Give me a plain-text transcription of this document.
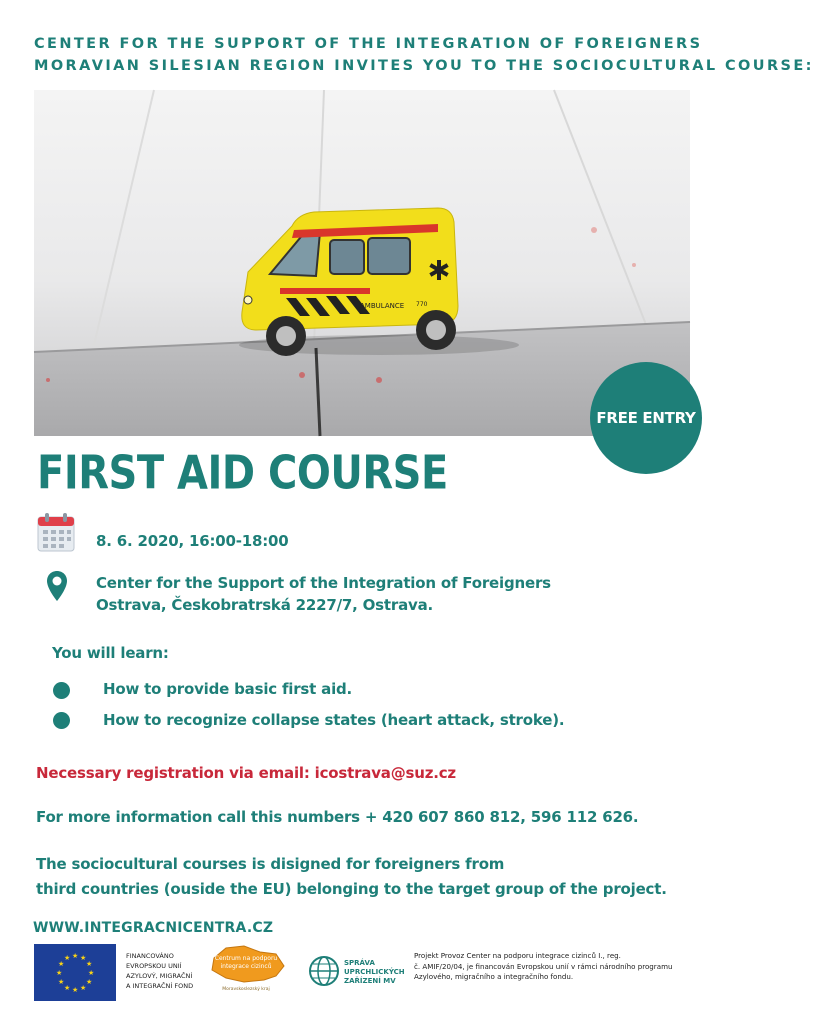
CENTER FOR THE SUPPORT OF THE INTEGRATION OF FOREIGNERS
MORAVIAN SILESIAN REGION INVITES YOU TO THE SOCIOCULTURAL COURSE:
AMBULANCE 770
FREE ENTRY
FIRST AID COURSE
8. 6. 2020, 16:00-18:00
Center for the Support of the Integration of Foreigners
Ostrava, Českobratrská 2227/7, Ostrava.
You will learn:
How to provide basic first aid.
How to recognize collapse states (heart attack, stroke).
Necessary registration via email: icostrava@suz.cz
For more information call this numbers + 420 607 860 812, 596 112 626.
The sociocultural courses is disigned for foreigners from
third countries (ouside the EU) belonging to the target group of the project.
WWW.INTEGRACNICENTRA.CZ
★ ★
★
★
★
★
★
★
★
★
★
★	FINANCOVÁNO
EVROPSKOU UNIÍ
AZYLOVÝ, MIGRAČNÍ
A INTEGRAČNÍ FOND
Centrum na podporu
integrace cizinců
Moravskoslezský kraj
SPRÁVA
UPRCHLICKÝCH
ZAŘÍZENÍ MV
Projekt Provoz Center na podporu integrace cizinců I., reg.
č. AMIF/20/04, je financován Evropskou unií v rámci národního programu
Azylového, migračního a integračního fondu.
